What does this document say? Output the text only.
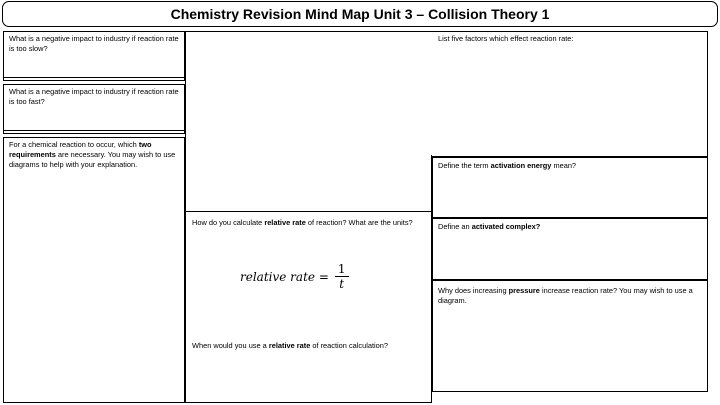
Chemistry Revision Mind Map Unit 3 – Collision Theory 1
What is a negative impact to industry if reaction rate is too slow?
What is a negative impact to industry if reaction rate is too fast?
For a chemical reaction to occur, which two requirements are necessary. You may wish to use diagrams to help with your explanation.
List five factors which effect reaction rate:
How do you calculate relative rate of reaction? What are the units?
relative rate = $\frac{1}{t}$
When would you use a relative rate of reaction calculation?
Define the term activation energy mean?
Define an activated complex?
Why does increasing pressure increase reaction rate? You may wish to use a diagram.
